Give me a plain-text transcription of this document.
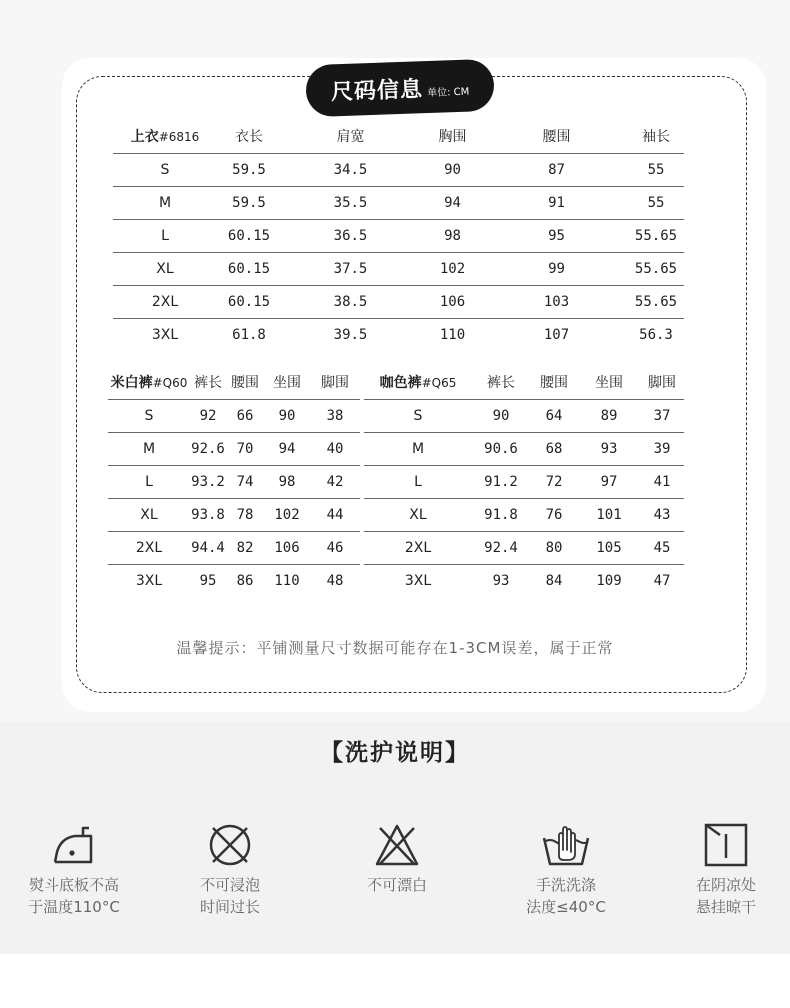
尺码信息 单位: CM
上衣#6816	衣长	肩宽	胸围	腰围	袖长
S	59.5	34.5	90	87	55
M	59.5	35.5	94	91	55
L	60.15	36.5	98	95	55.65
XL	60.15	37.5	102	99	55.65
2XL	60.15	38.5	106	103	55.65
3XL	61.8	39.5	110	107	56.3
米白裤#Q60	裤长	腰围	坐围	脚围
S	92	66	90	38
M	92.6	70	94	40
L	93.2	74	98	42
XL	93.8	78	102	44
2XL	94.4	82	106	46
3XL	95	86	110	48
咖色裤#Q65	裤长	腰围	坐围	脚围
S	90	64	89	37
M	90.6	68	93	39
L	91.2	72	97	41
XL	91.8	76	101	43
2XL	92.4	80	105	45
3XL	93	84	109	47
温馨提示：平铺测量尺寸数据可能存在1-3CM误差，属于正常
【洗护说明】
熨斗底板不高
于温度110°C
不可浸泡
时间过长
不可漂白	手洗洗涤
法度≤40°C
在阴凉处
悬挂晾干
